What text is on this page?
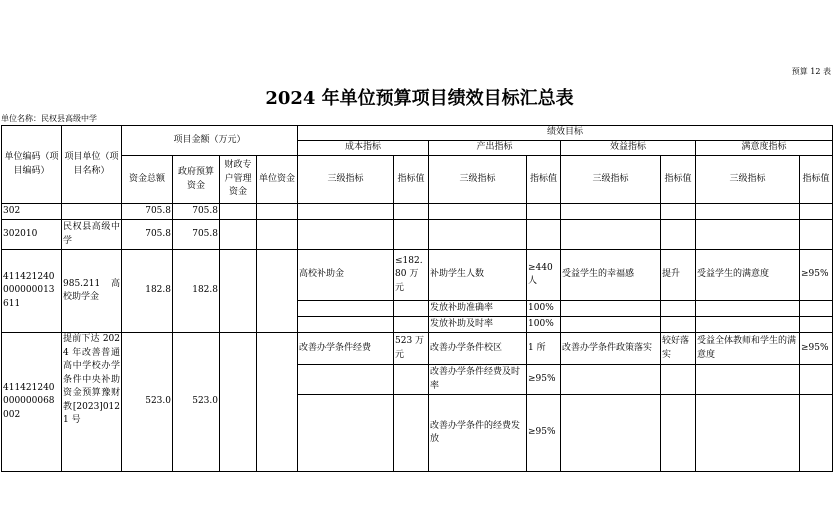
预算 12 表
2024 年单位预算项目绩效目标汇总表
单位名称：民权县高级中学
单位编码（项目编码）	项目单位（项目名称）	项目金额（万元）				绩效目标							
						成本指标		产出指标		效益指标		满意度指标	
		资金总额	政府预算资金	财政专户管理资金	单位资金	三级指标	指标值	三级指标	指标值	三级指标	指标值	三级指标	指标值
302		705.8	705.8										
302010	民权县高级中学	705.8	705.8										
411421240000000013611	985.211 高校助学金	182.8	182.8			高校补助金	≤182.80 万元	补助学生人数	≥440 人	受益学生的幸福感	提升	受益学生的满意度	≥95%
								发放补助准确率	100%				
								发放补助及时率	100%				
411421240000000068002	提前下达 2024 年改善普通高中学校办学条件中央补助资金预算豫财教[2023]0121 号	523.0	523.0			改善办学条件经费	523 万元	改善办学条件校区	1 所	改善办学条件政策落实	较好落实	受益全体教师和学生的满意度	≥95%
								改善办学条件经费及时率	≥95%				
								改善办学条件的经费发放	≥95%				
